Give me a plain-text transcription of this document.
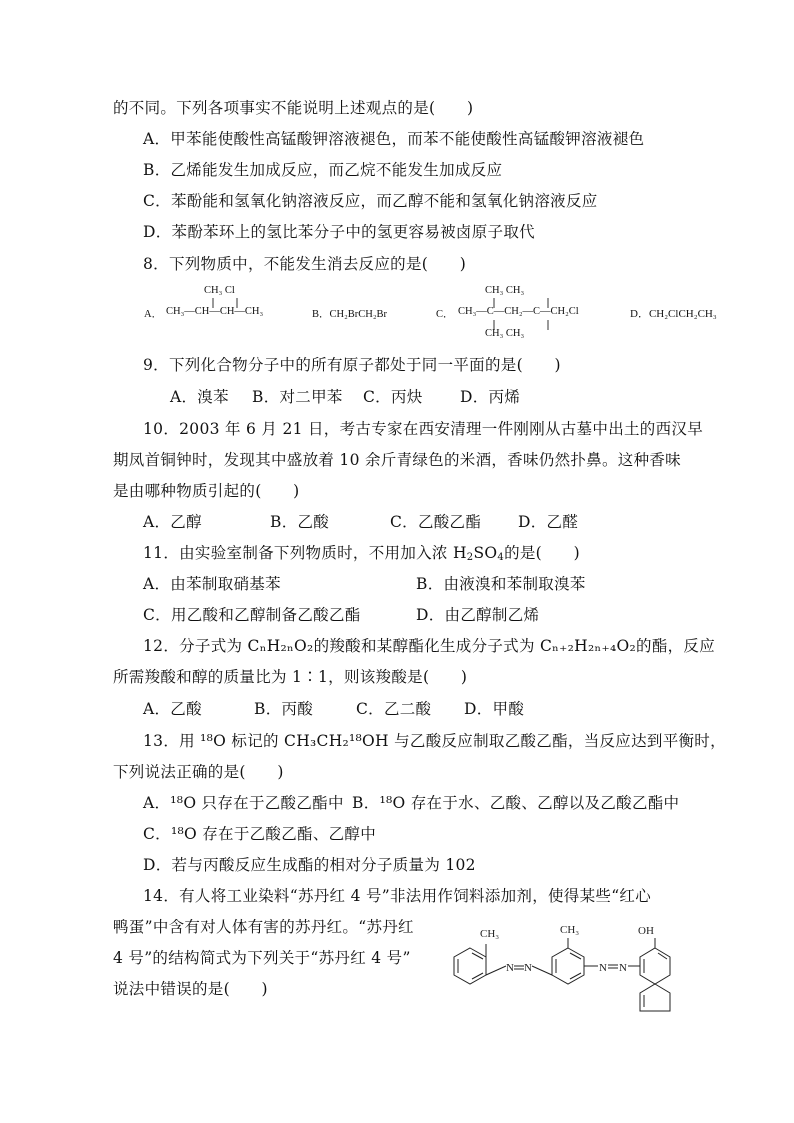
的不同。下列各项事实不能说明上述观点的是(　　)
A．甲苯能使酸性高锰酸钾溶液褪色，而苯不能使酸性高锰酸钾溶液褪色
B．乙烯能发生加成反应，而乙烷不能发生加成反应
C．苯酚能和氢氧化钠溶液反应，而乙醇不能和氢氧化钠溶液反应
D．苯酚苯环上的氢比苯分子中的氢更容易被卤原子取代
8．下列物质中，不能发生消去反应的是(　　)
A．
CH₃ Cl
CH₃—CH—CH—CH₃	B．CH₂BrCH₂Br	C．
CH₃ CH₃
CH₃—C—CH₂—C—CH₂Cl
CH₃ CH₃
D．CH₂ClCH₂CH₃
9．下列化合物分子中的所有原子都处于同一平面的是(　　)
A．溴苯 B．对二甲苯 C．丙炔 D．丙烯
10．2003 年 6 月 21 日，考古专家在西安清理一件刚刚从古墓中出土的西汉早
期凤首铜钟时，发现其中盛放着 10 余斤青绿色的米酒，香味仍然扑鼻。这种香味
是由哪种物质引起的(　　)
A．乙醇	B．乙酸	C．乙酸乙酯 D．乙醛
11．由实验室制备下列物质时，不用加入浓 $H_2SO_4$的是(　　)
A．由苯制取硝基苯	B．由液溴和苯制取溴苯
C．用乙酸和乙醇制备乙酸乙酯	D．由乙醇制乙烯
12．分子式为 CₙH₂ₙO₂的羧酸和某醇酯化生成分子式为 Cₙ₊₂H₂ₙ₊₄O₂的酯，反应
所需羧酸和醇的质量比为 1∶1，则该羧酸是(　　)
A．乙酸	B．丙酸	C．乙二酸 D．甲酸
13．用 ¹⁸O 标记的 CH₃CH₂¹⁸OH 与乙酸反应制取乙酸乙酯，当反应达到平衡时，
下列说法正确的是(　　)
A．¹⁸O 只存在于乙酸乙酯中 B．¹⁸O 存在于水、乙酸、乙醇以及乙酸乙酯中
C．¹⁸O 存在于乙酸乙酯、乙醇中
D．若与丙酸反应生成酯的相对分子质量为 102
14．有人将工业染料“苏丹红 4 号”非法用作饲料添加剂，使得某些“红心
鸭蛋”中含有对人体有害的苏丹红。“苏丹红
4 号”的结构简式为下列关于“苏丹红 4 号”
说法中错误的是(　　)
CH₃	CH₃	OH
N N	N N
